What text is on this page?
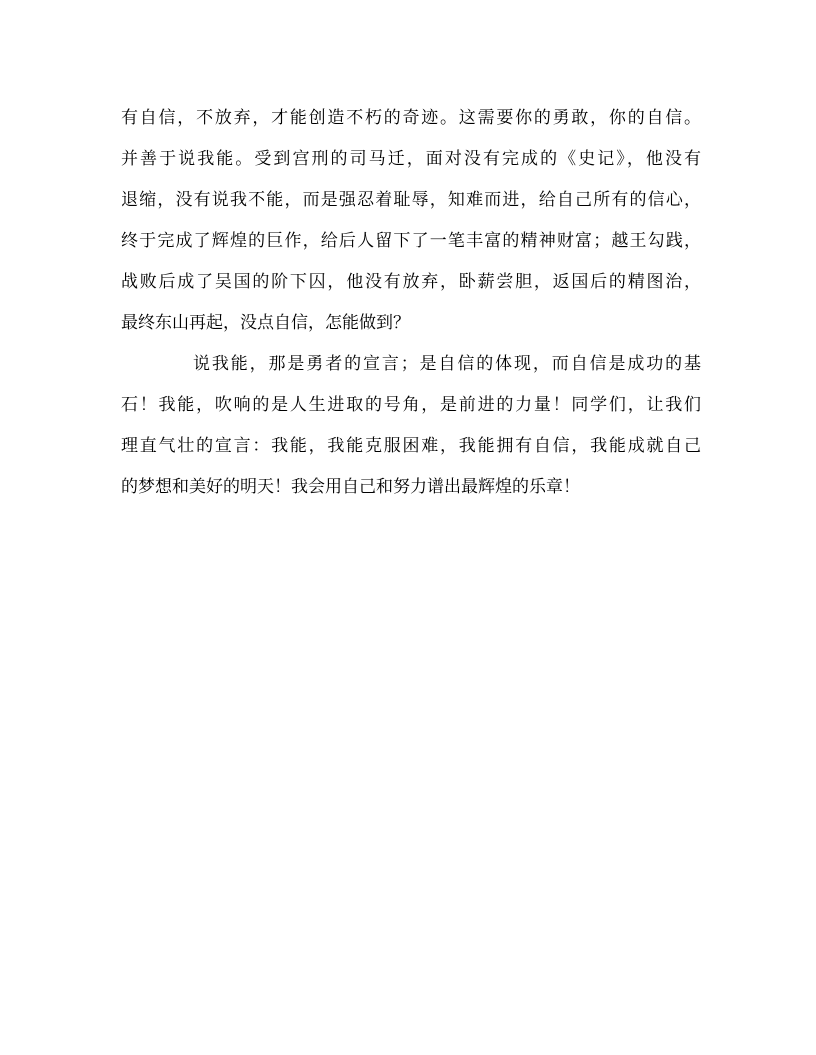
有自信，不放弃，才能创造不朽的奇迹。这需要你的勇敢，你的自信。
并善于说我能。受到宫刑的司马迁，面对没有完成的《史记》，他没有
退缩，没有说我不能，而是强忍着耻辱，知难而进，给自己所有的信心，
终于完成了辉煌的巨作，给后人留下了一笔丰富的精神财富；越王勾践，
战败后成了吴国的阶下囚，他没有放弃，卧薪尝胆，返国后的精图治，
最终东山再起，没点自信，怎能做到？
说我能，那是勇者的宣言；是自信的体现，而自信是成功的基
石！我能，吹响的是人生进取的号角，是前进的力量！同学们，让我们
理直气壮的宣言：我能，我能克服困难，我能拥有自信，我能成就自己
的梦想和美好的明天！我会用自己和努力谱出最辉煌的乐章！
